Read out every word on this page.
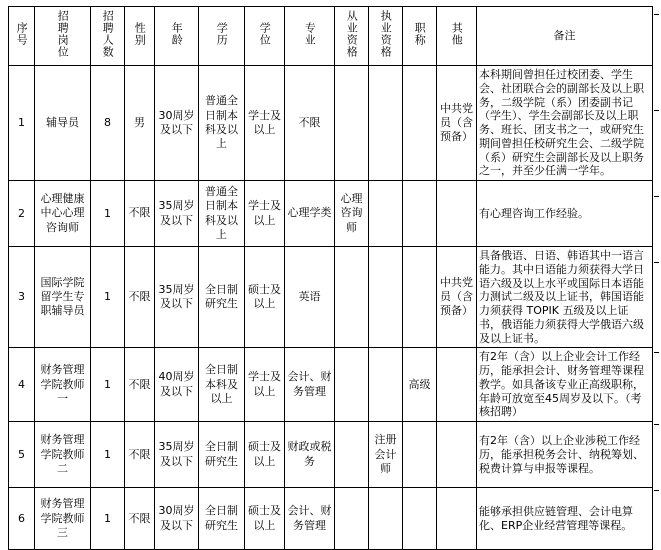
序号	招聘岗位	招聘人数	性别	年龄	学历	学位	专业	从业资格	执业资格	职称	其他	备注
1	辅导员	8	男	30周岁及以下	普通全日制本科及以上	学士及以上	不限				中共党员（含预备）	本科期间曾担任过校团委、学生会、社团联合会的副部长及以上职务，二级学院（系）团委副书记（学生）、学生会副部长及以上职务、班长、团支书之一，或研究生期间曾担任校研究生会、二级学院（系）研究生会副部长及以上职务之一，并至少任满一学年。
2	心理健康中心心理咨询师	1	不限	35周岁及以下	普通全日制本科及以上	学士及以上	心理学类	心理咨询师				有心理咨询工作经验。
3	国际学院留学生专职辅导员	1	不限	35周岁及以下	全日制研究生	硕士及以上	英语				中共党员（含预备）	具备俄语、日语、韩语其中一语言能力。其中日语能力须获得大学日语六级及以上水平或国际日本语能力测试二级及以上证书，韩国语能力须获得 TOPIK 五级及以上证书，俄语能力须获得大学俄语六级及以上证书。
4	财务管理学院教师一	1	不限	40周岁及以下	全日制本科及以上	学士及以上	会计、财务管理			高级		有2年（含）以上企业会计工作经历，能承担会计、财务管理等课程教学。如具备该专业正高级职称，年龄可放宽至45周岁及以下。（考核招聘）
5	财务管理学院教师二	1	不限	35周岁及以下	全日制研究生	硕士及以上	财政或税务		注册会计师			有2年（含）以上企业涉税工作经历，能承担税务会计、纳税筹划、税费计算与申报等课程。
6	财务管理学院教师三	1	不限	30周岁及以下	全日制研究生	硕士及以上	会计、财务管理					能够承担供应链管理、会计电算化、ERP企业经营管理等课程。
